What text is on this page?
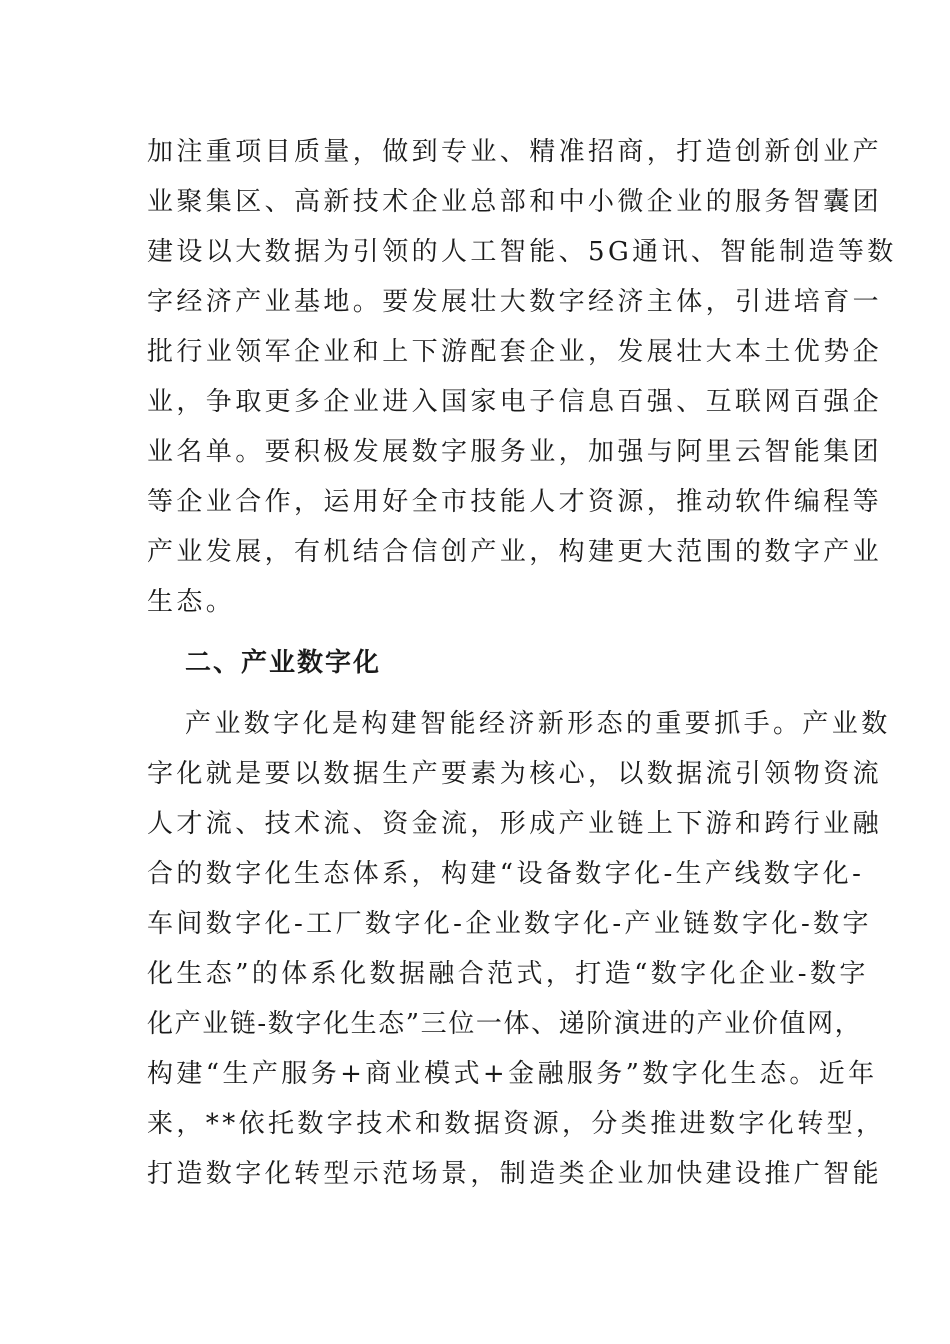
加注重项目质量，做到专业、精准招商，打造创新创业产
业聚集区、高新技术企业总部和中小微企业的服务智囊团
建设以大数据为引领的人工智能、5G通讯、智能制造等数
字经济产业基地。要发展壮大数字经济主体，引进培育一
批行业领军企业和上下游配套企业，发展壮大本土优势企
业，争取更多企业进入国家电子信息百强、互联网百强企
业名单。要积极发展数字服务业，加强与阿里云智能集团
等企业合作，运用好全市技能人才资源，推动软件编程等
产业发展，有机结合信创产业，构建更大范围的数字产业
生态。
二、产业数字化
产业数字化是构建智能经济新形态的重要抓手。产业数
字化就是要以数据生产要素为核心，以数据流引领物资流
人才流、技术流、资金流，形成产业链上下游和跨行业融
合的数字化生态体系，构建“设备数字化-生产线数字化-
车间数字化-工厂数字化-企业数字化-产业链数字化-数字
化生态”的体系化数据融合范式，打造“数字化企业-数字
化产业链-数字化生态”三位一体、递阶演进的产业价值网，
构建“生产服务+商业模式+金融服务”数字化生态。近年
来，**依托数字技术和数据资源，分类推进数字化转型，
打造数字化转型示范场景，制造类企业加快建设推广智能
